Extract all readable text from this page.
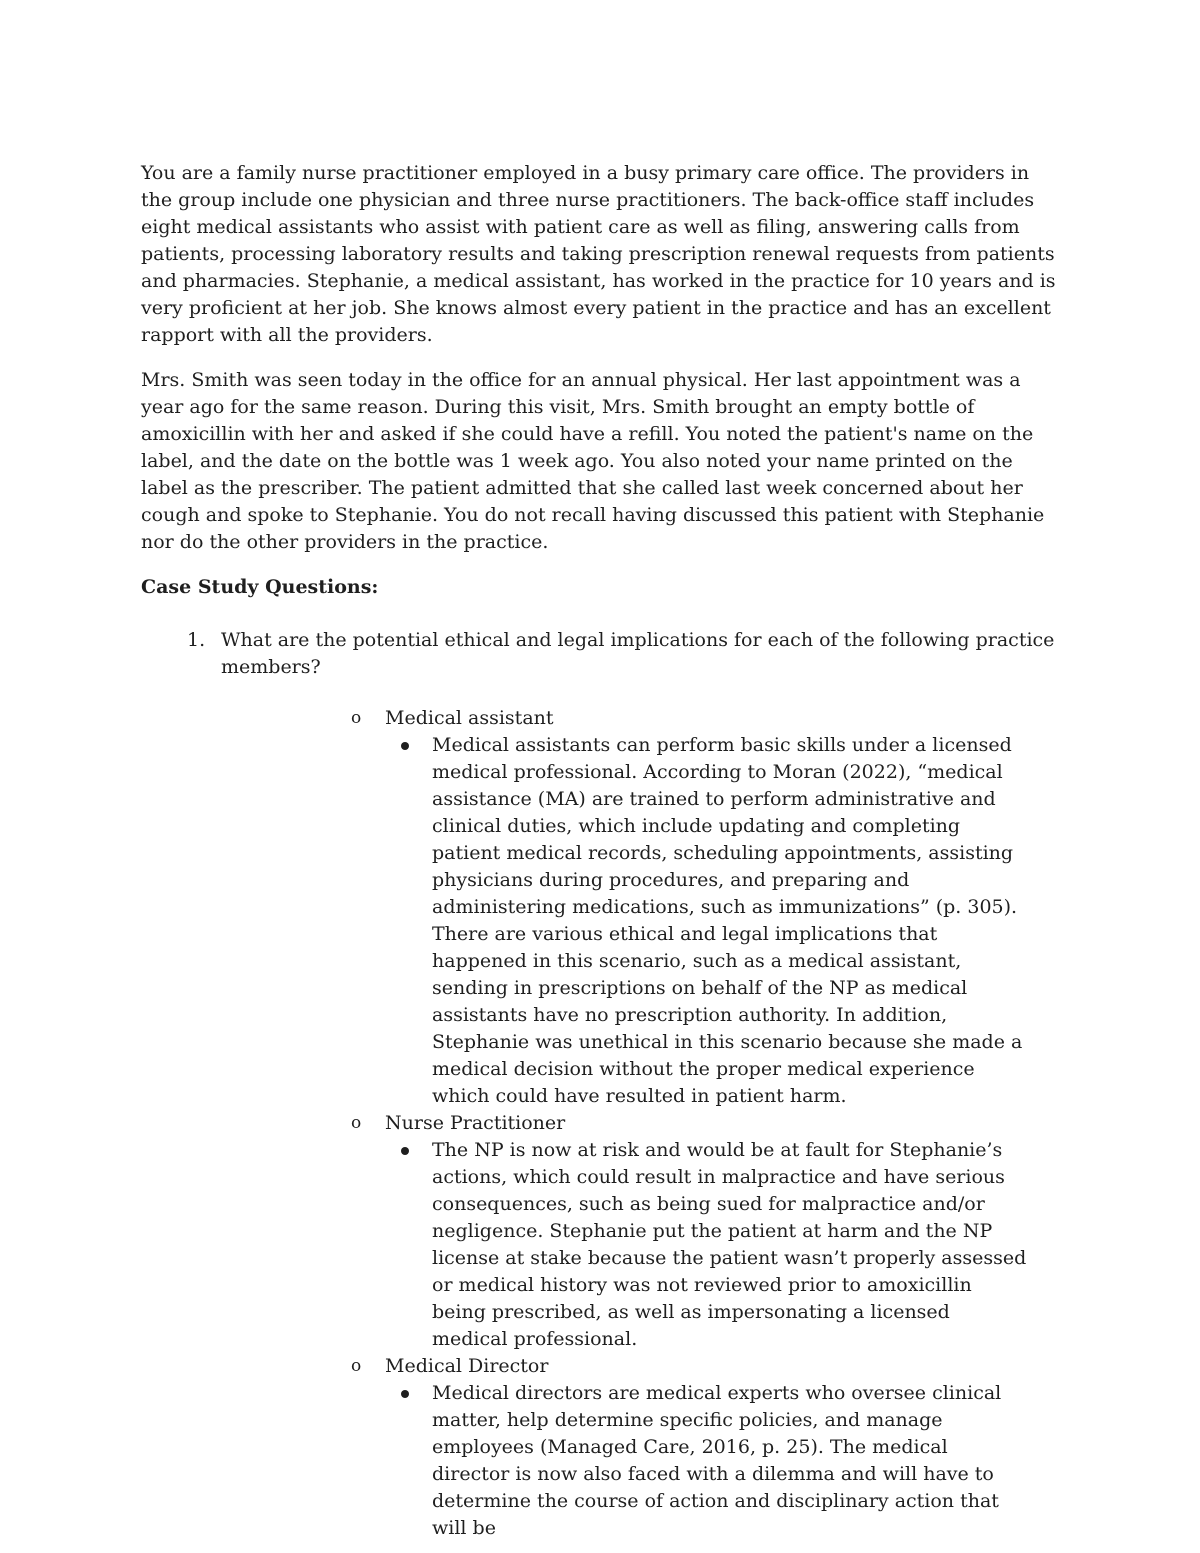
You are a family nurse practitioner employed in a busy primary care office. The providers in the group include one physician and three nurse practitioners. The back-office staff includes eight medical assistants who assist with patient care as well as filing, answering calls from patients, processing laboratory results and taking prescription renewal requests from patients and pharmacies. Stephanie, a medical assistant, has worked in the practice for 10 years and is very proficient at her job. She knows almost every patient in the practice and has an excellent rapport with all the providers.

Mrs. Smith was seen today in the office for an annual physical. Her last appointment was a year ago for the same reason. During this visit, Mrs. Smith brought an empty bottle of amoxicillin with her and asked if she could have a refill. You noted the patient's name on the label, and the date on the bottle was 1 week ago. You also noted your name printed on the label as the prescriber. The patient admitted that she called last week concerned about her cough and spoke to Stephanie. You do not recall having discussed this patient with Stephanie nor do the other providers in the practice.

Case Study Questions:

1. What are the potential ethical and legal implications for each of the following practice members?
o Medical assistant
Medical assistants can perform basic skills under a licensed medical professional. According to Moran (2022), “medical assistance (MA) are trained to perform administrative and clinical duties, which include updating and completing patient medical records, scheduling appointments, assisting physicians during procedures, and preparing and administering medications, such as immunizations” (p. 305). There are various ethical and legal implications that happened in this scenario, such as a medical assistant, sending in prescriptions on behalf of the NP as medical assistants have no prescription authority. In addition, Stephanie was unethical in this scenario because she made a medical decision without the proper medical experience which could have resulted in patient harm.
o Nurse Practitioner
The NP is now at risk and would be at fault for Stephanie’s actions, which could result in malpractice and have serious consequences, such as being sued for malpractice and/or negligence. Stephanie put the patient at harm and the NP license at stake because the patient wasn’t properly assessed or medical history was not reviewed prior to amoxicillin being prescribed, as well as impersonating a licensed medical professional.
o Medical Director
Medical directors are medical experts who oversee clinical matter, help determine specific policies, and manage employees (Managed Care, 2016, p. 25). The medical director is now also faced with a dilemma and will have to determine the course of action and disciplinary action that will be
